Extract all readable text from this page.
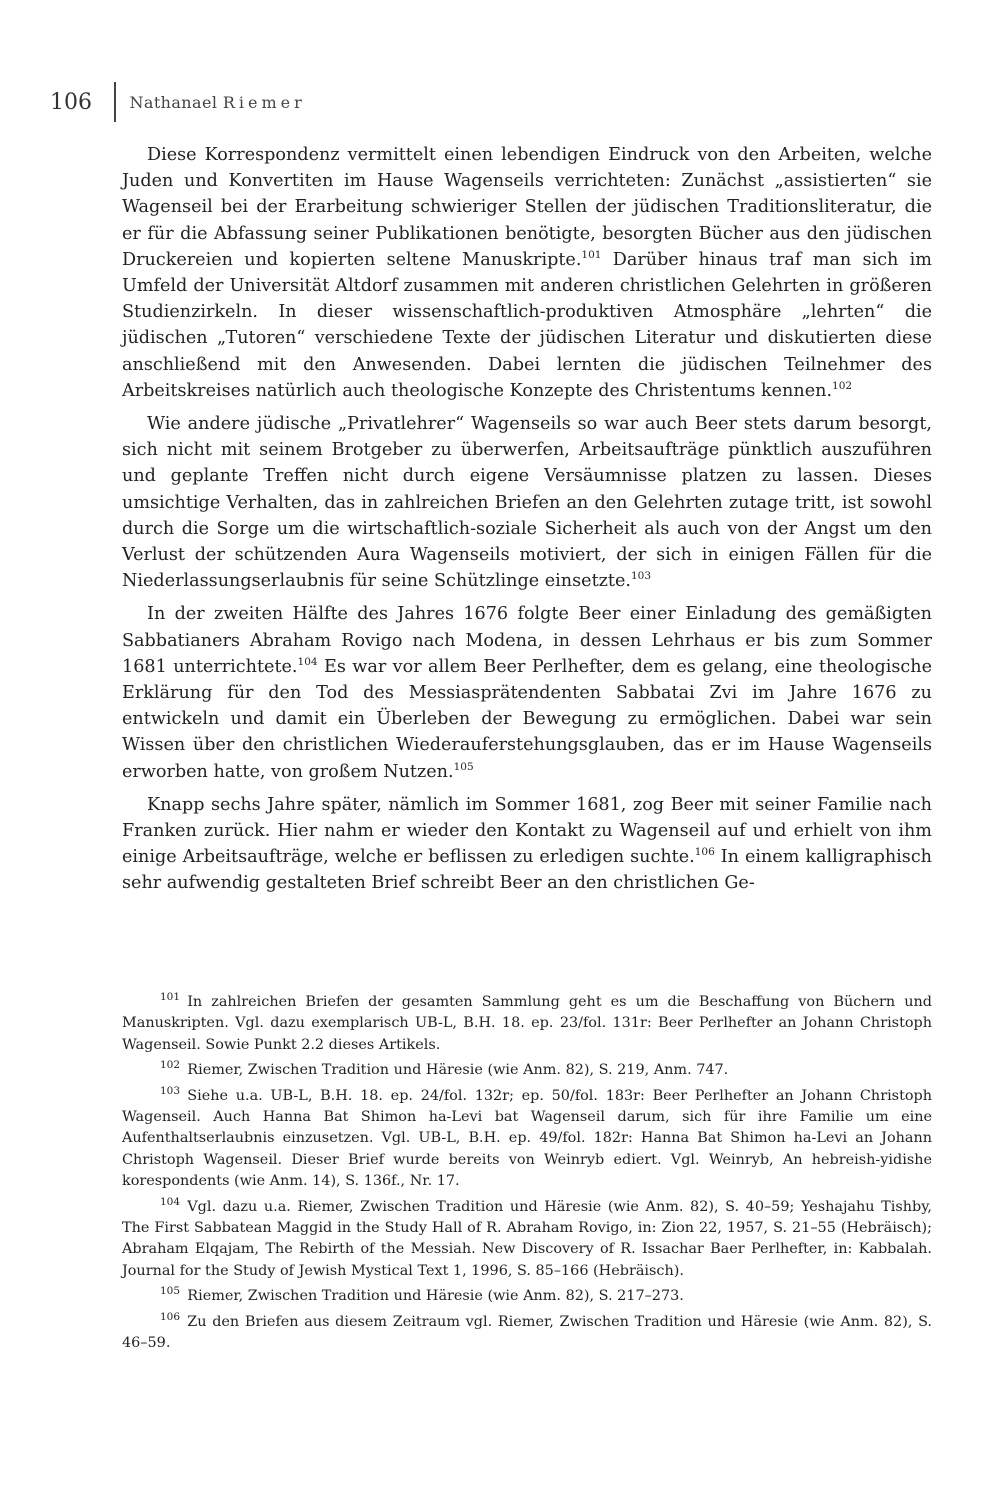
106 Nathanael Riemer

Diese Korrespondenz vermittelt einen lebendigen Eindruck von den Arbeiten, welche Juden und Konvertiten im Hause Wagenseils verrichteten: Zunächst „assistierten“ sie Wagenseil bei der Erarbeitung schwieriger Stellen der jüdischen Traditionsliteratur, die er für die Abfassung seiner Publikationen benötigte, besorgten Bücher aus den jüdischen Druckereien und kopierten seltene Manuskripte.$^{101}$ Darüber hinaus traf man sich im Umfeld der Universität Altdorf zusammen mit anderen christlichen Gelehrten in größeren Studienzirkeln. In dieser wissenschaftlich-produktiven Atmosphäre „lehrten“ die jüdischen „Tutoren“ verschiedene Texte der jüdischen Literatur und diskutierten diese anschließend mit den Anwesenden. Dabei lernten die jüdischen Teilnehmer des Arbeitskreises natürlich auch theologische Konzepte des Christentums kennen.$^{102}$

Wie andere jüdische „Privatlehrer“ Wagenseils so war auch Beer stets darum besorgt, sich nicht mit seinem Brotgeber zu überwerfen, Arbeitsaufträge pünktlich auszuführen und geplante Treffen nicht durch eigene Versäumnisse platzen zu lassen. Dieses umsichtige Verhalten, das in zahlreichen Briefen an den Gelehrten zutage tritt, ist sowohl durch die Sorge um die wirtschaftlich-soziale Sicherheit als auch von der Angst um den Verlust der schützenden Aura Wagenseils motiviert, der sich in einigen Fällen für die Niederlassungserlaubnis für seine Schützlinge einsetzte.$^{103}$

In der zweiten Hälfte des Jahres 1676 folgte Beer einer Einladung des gemäßigten Sabbatianers Abraham Rovigo nach Modena, in dessen Lehrhaus er bis zum Sommer 1681 unterrichtete.$^{104}$ Es war vor allem Beer Perlhefter, dem es gelang, eine theologische Erklärung für den Tod des Messiasprätendenten Sabbatai Zvi im Jahre 1676 zu entwickeln und damit ein Überleben der Bewegung zu ermöglichen. Dabei war sein Wissen über den christlichen Wiederauferstehungsglauben, das er im Hause Wagenseils erworben hatte, von großem Nutzen.$^{105}$

Knapp sechs Jahre später, nämlich im Sommer 1681, zog Beer mit seiner Familie nach Franken zurück. Hier nahm er wieder den Kontakt zu Wagenseil auf und erhielt von ihm einige Arbeitsaufträge, welche er beflissen zu erledigen suchte.$^{106}$ In einem kalligraphisch sehr aufwendig gestalteten Brief schreibt Beer an den christlichen Ge-

$^{101}$  In zahlreichen Briefen der gesamten Sammlung geht es um die Beschaffung von Büchern und Manuskripten. Vgl. dazu exemplarisch UB-L, B.H. 18. ep. 23/fol. 131r: Beer Perlhefter an Johann Christoph Wagenseil. Sowie Punkt 2.2 dieses Artikels.

$^{102}$  Riemer, Zwischen Tradition und Häresie (wie Anm. 82), S. 219, Anm. 747.

$^{103}$  Siehe u.a. UB-L, B.H. 18. ep. 24/fol. 132r; ep. 50/fol. 183r: Beer Perlhefter an Johann Christoph Wagenseil. Auch Hanna Bat Shimon ha-Levi bat Wagenseil darum, sich für ihre Familie um eine Aufenthaltserlaubnis einzusetzen. Vgl. UB-L, B.H. ep. 49/fol. 182r: Hanna Bat Shimon ha-Levi an Johann Christoph Wagenseil. Dieser Brief wurde bereits von Weinryb ediert. Vgl. Weinryb, An hebreish-yidishe korespondents (wie Anm. 14), S. 136f., Nr. 17.

$^{104}$  Vgl. dazu u.a. Riemer, Zwischen Tradition und Häresie (wie Anm. 82), S. 40–59; Yeshajahu Tishby, The First Sabbatean Maggid in the Study Hall of R. Abraham Rovigo, in: Zion 22, 1957, S. 21–55 (Hebräisch); Abraham Elqajam, The Rebirth of the Messiah. New Discovery of R. Issachar Baer Perlhefter, in: Kabbalah. Journal for the Study of Jewish Mystical Text 1, 1996, S. 85–166 (Hebräisch).

$^{105}$  Riemer, Zwischen Tradition und Häresie (wie Anm. 82), S. 217–273.

$^{106}$  Zu den Briefen aus diesem Zeitraum vgl. Riemer, Zwischen Tradition und Häresie (wie Anm. 82), S. 46–59.
